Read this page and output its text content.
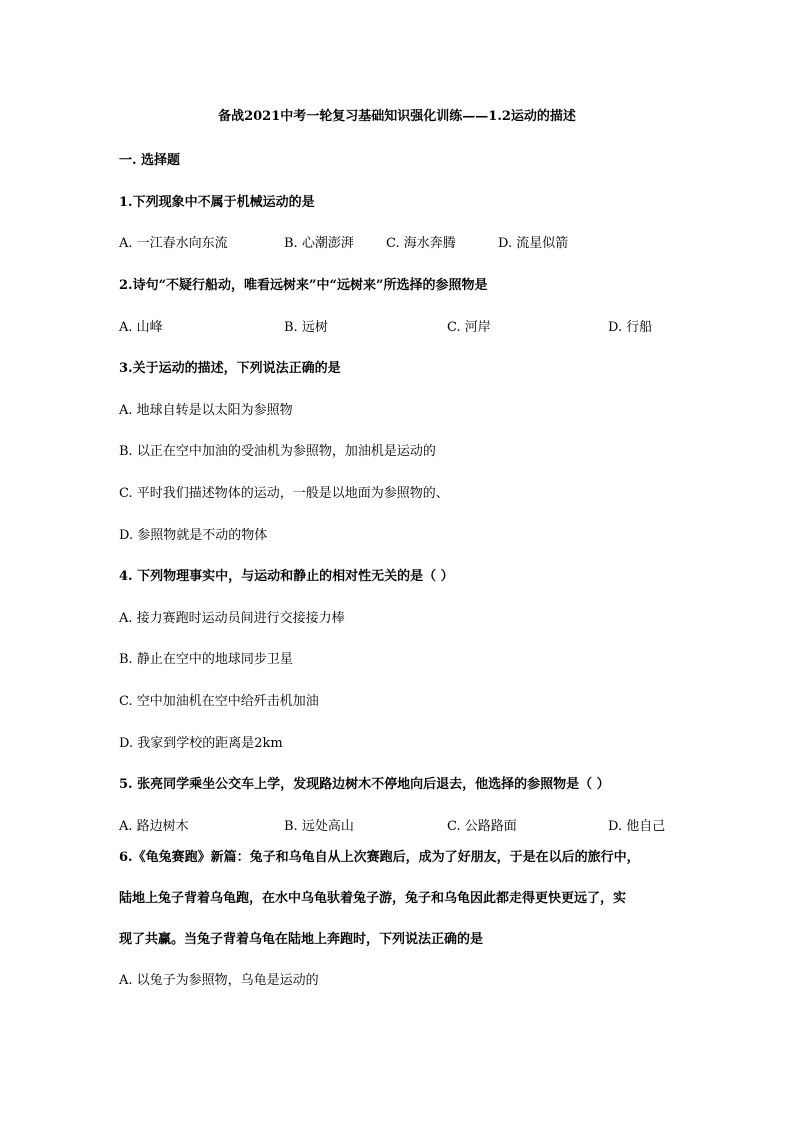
备战2021中考一轮复习基础知识强化训练——1.2运动的描述
一. 选择题
1.下列现象中不属于机械运动的是
A. 一江春水向东流	B. 心潮澎湃 C. 海水奔腾	D. 流星似箭
2.诗句“不疑行船动，唯看远树来”中“远树来”所选择的参照物是
A. 山峰	B. 远树	C. 河岸	D. 行船
3.关于运动的描述，下列说法正确的是
A. 地球自转是以太阳为参照物
B. 以正在空中加油的受油机为参照物，加油机是运动的
C. 平时我们描述物体的运动，一般是以地面为参照物的、
D. 参照物就是不动的物体
4. 下列物理事实中，与运动和静止的相对性无关的是（ ）
A. 接力赛跑时运动员间进行交接接力棒
B. 静止在空中的地球同步卫星
C. 空中加油机在空中给歼击机加油
D. 我家到学校的距离是2km
5. 张亮同学乘坐公交车上学，发现路边树木不停地向后退去，他选择的参照物是（ ）
A. 路边树木	B. 远处高山	C. 公路路面	D. 他自己
6.《龟兔赛跑》新篇：兔子和乌龟自从上次赛跑后，成为了好朋友，于是在以后的旅行中，
陆地上兔子背着乌龟跑，在水中乌龟驮着兔子游，兔子和乌龟因此都走得更快更远了，实
现了共赢。当兔子背着乌龟在陆地上奔跑时，下列说法正确的是
A. 以兔子为参照物，乌龟是运动的
